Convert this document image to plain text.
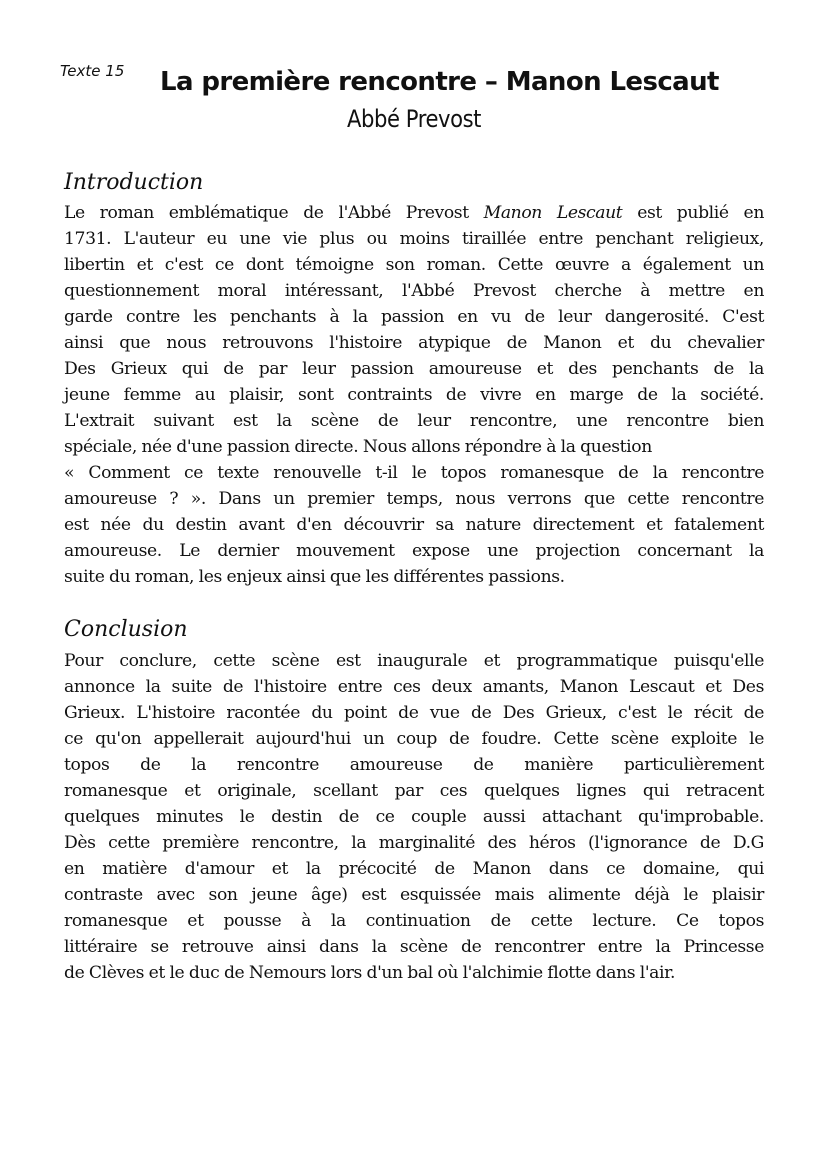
Texte 15 La première rencontre – Manon Lescaut
Abbé Prevost
Introduction
Le roman emblématique de l'Abbé Prevost Manon Lescaut est publié en
1731. L'auteur eu une vie plus ou moins tiraillée entre penchant religieux,
libertin et c'est ce dont témoigne son roman. Cette œuvre a également un
questionnement moral intéressant, l'Abbé Prevost cherche à mettre en
garde contre les penchants à la passion en vu de leur dangerosité. C'est
ainsi que nous retrouvons l'histoire atypique de Manon et du chevalier
Des Grieux qui de par leur passion amoureuse et des penchants de la
jeune femme au plaisir, sont contraints de vivre en marge de la société.
L'extrait suivant est la scène de leur rencontre, une rencontre bien
spéciale, née d'une passion directe. Nous allons répondre à la question
« Comment ce texte renouvelle t-il le topos romanesque de la rencontre
amoureuse ? ». Dans un premier temps, nous verrons que cette rencontre
est née du destin avant d'en découvrir sa nature directement et fatalement
amoureuse. Le dernier mouvement expose une projection concernant la
suite du roman, les enjeux ainsi que les différentes passions.
Conclusion
Pour conclure, cette scène est inaugurale et programmatique puisqu'elle
annonce la suite de l'histoire entre ces deux amants, Manon Lescaut et Des
Grieux. L'histoire racontée du point de vue de Des Grieux, c'est le récit de
ce qu'on appellerait aujourd'hui un coup de foudre. Cette scène exploite le
topos de la rencontre amoureuse de manière particulièrement
romanesque et originale, scellant par ces quelques lignes qui retracent
quelques minutes le destin de ce couple aussi attachant qu'improbable.
Dès cette première rencontre, la marginalité des héros (l'ignorance de D.G
en matière d'amour et la précocité de Manon dans ce domaine, qui
contraste avec son jeune âge) est esquissée mais alimente déjà le plaisir
romanesque et pousse à la continuation de cette lecture. Ce topos
littéraire se retrouve ainsi dans la scène de rencontrer entre la Princesse
de Clèves et le duc de Nemours lors d'un bal où l'alchimie flotte dans l'air.
